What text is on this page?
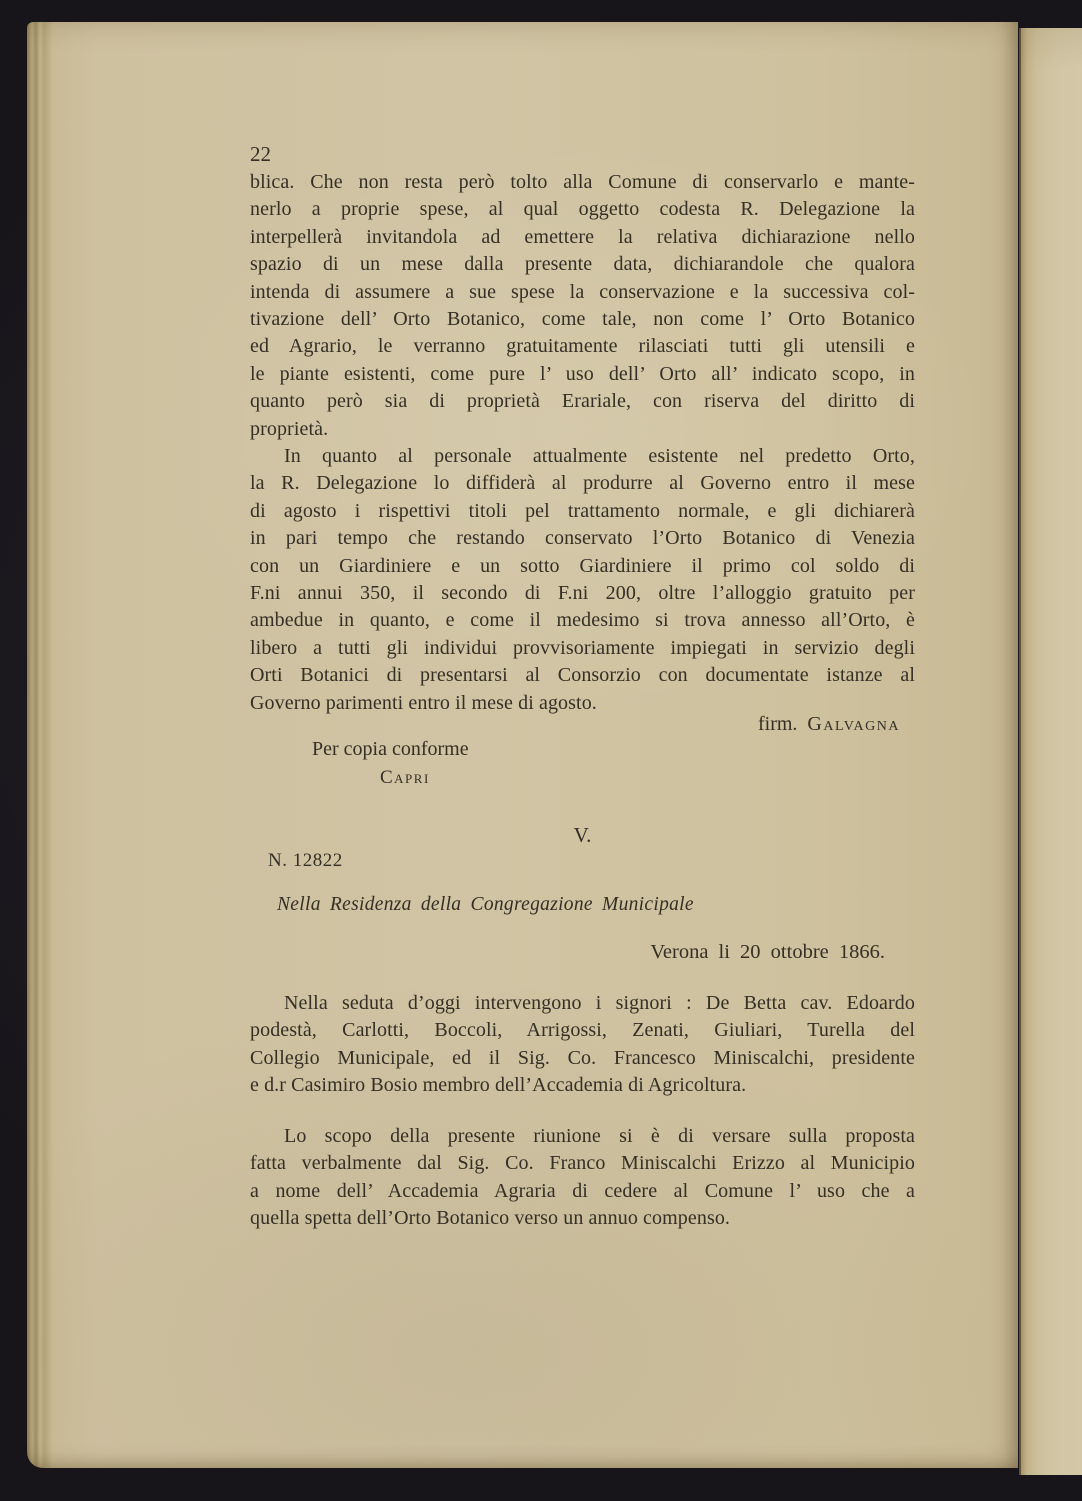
22
blica. Che non resta però tolto alla Comune di conservarlo e mante-
nerlo a proprie spese, al qual oggetto codesta R. Delegazione la
interpellerà invitandola ad emettere la relativa dichiarazione nello
spazio di un mese dalla presente data, dichiarandole che qualora
intenda di assumere a sue spese la conservazione e la successiva col-
tivazione dell’ Orto Botanico, come tale, non come l’ Orto Botanico
ed Agrario, le verranno gratuitamente rilasciati tutti gli utensili e
le piante esistenti, come pure l’ uso dell’ Orto all’ indicato scopo, in
quanto però sia di proprietà Erariale, con riserva del diritto di
proprietà.
In quanto al personale attualmente esistente nel predetto Orto,
la R. Delegazione lo diffiderà al produrre al Governo entro il mese
di agosto i rispettivi titoli pel trattamento normale, e gli dichiarerà
in pari tempo che restando conservato l’Orto Botanico di Venezia
con un Giardiniere e un sotto Giardiniere il primo col soldo di
F.ni annui 350, il secondo di F.ni 200, oltre l’alloggio gratuito per
ambedue in quanto, e come il medesimo si trova annesso all’Orto, è
libero a tutti gli individui provvisoriamente impiegati in servizio degli
Orti Botanici di presentarsi al Consorzio con documentate istanze al
Governo parimenti entro il mese di agosto.
firm. Galvagna
Per copia conforme
Capri
V.
N. 12822
Nella Residenza della Congregazione Municipale
Verona li 20 ottobre 1866.
Nella seduta d’oggi intervengono i signori : De Betta cav. Edoardo
podestà, Carlotti, Boccoli, Arrigossi, Zenati, Giuliari, Turella del
Collegio Municipale, ed il Sig. Co. Francesco Miniscalchi, presidente
e d.r Casimiro Bosio membro dell’Accademia di Agricoltura.
Lo scopo della presente riunione si è di versare sulla proposta
fatta verbalmente dal Sig. Co. Franco Miniscalchi Erizzo al Municipio
a nome dell’ Accademia Agraria di cedere al Comune l’ uso che a
quella spetta dell’Orto Botanico verso un annuo compenso.
